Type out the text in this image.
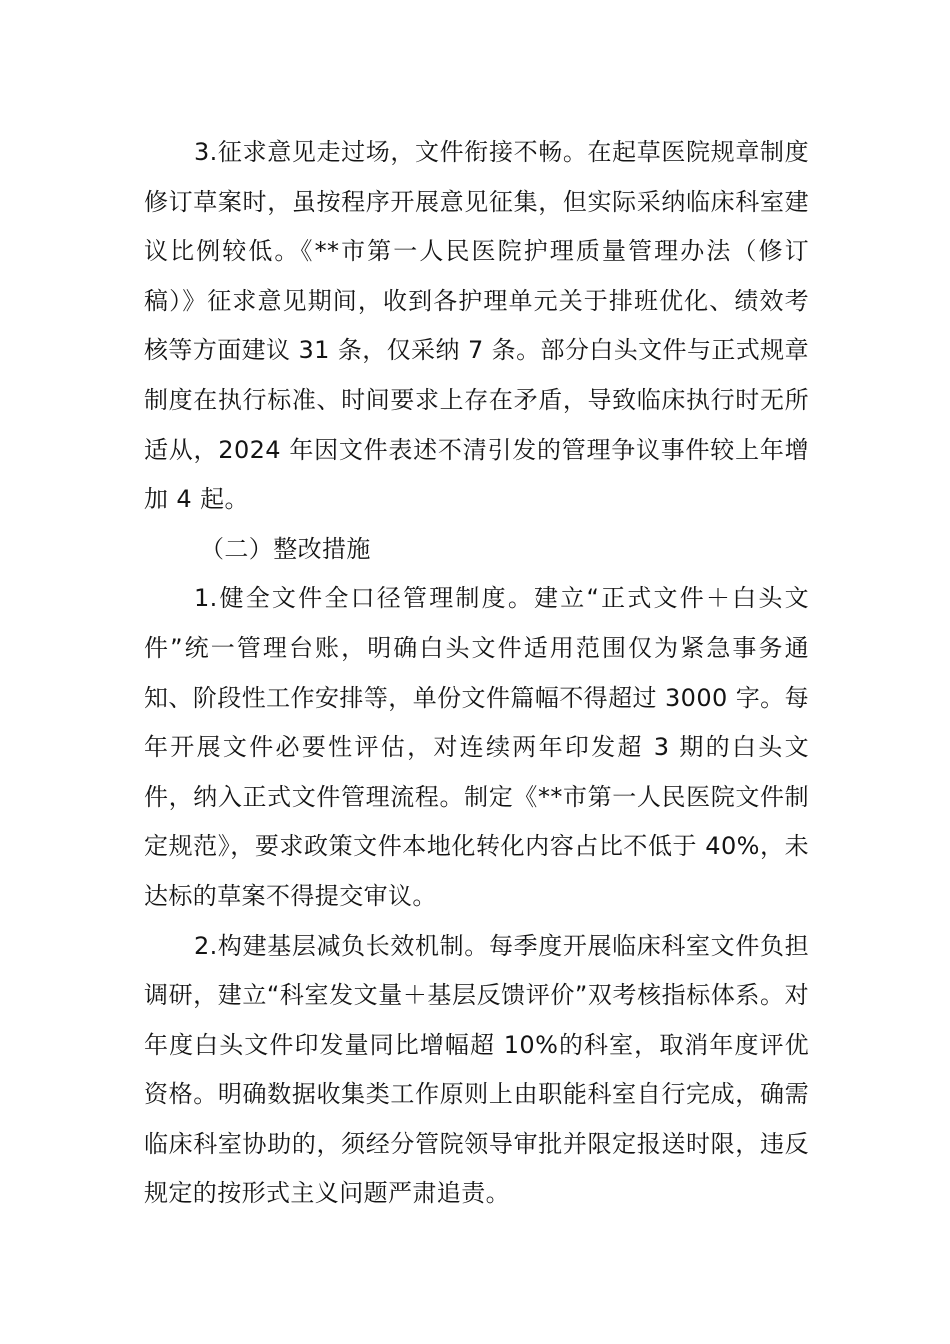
3.征求意见走过场，文件衔接不畅。在起草医院规章制度修订草案时，虽按程序开展意见征集，但实际采纳临床科室建议比例较低。《**市第一人民医院护理质量管理办法（修订稿）》征求意见期间，收到各护理单元关于排班优化、绩效考核等方面建议 31 条，仅采纳 7 条。部分白头文件与正式规章制度在执行标准、时间要求上存在矛盾，导致临床执行时无所适从，2024 年因文件表述不清引发的管理争议事件较上年增加 4 起。

（二）整改措施

1.健全文件全口径管理制度。建立“正式文件＋白头文件”统一管理台账，明确白头文件适用范围仅为紧急事务通知、阶段性工作安排等，单份文件篇幅不得超过 3000 字。每年开展文件必要性评估，对连续两年印发超 3 期的白头文件，纳入正式文件管理流程。制定《**市第一人民医院文件制定规范》，要求政策文件本地化转化内容占比不低于 40%，未达标的草案不得提交审议。

2.构建基层减负长效机制。每季度开展临床科室文件负担调研，建立“科室发文量＋基层反馈评价”双考核指标体系。对年度白头文件印发量同比增幅超 10%的科室，取消年度评优资格。明确数据收集类工作原则上由职能科室自行完成，确需临床科室协助的，须经分管院领导审批并限定报送时限，违反规定的按形式主义问题严肃追责。
